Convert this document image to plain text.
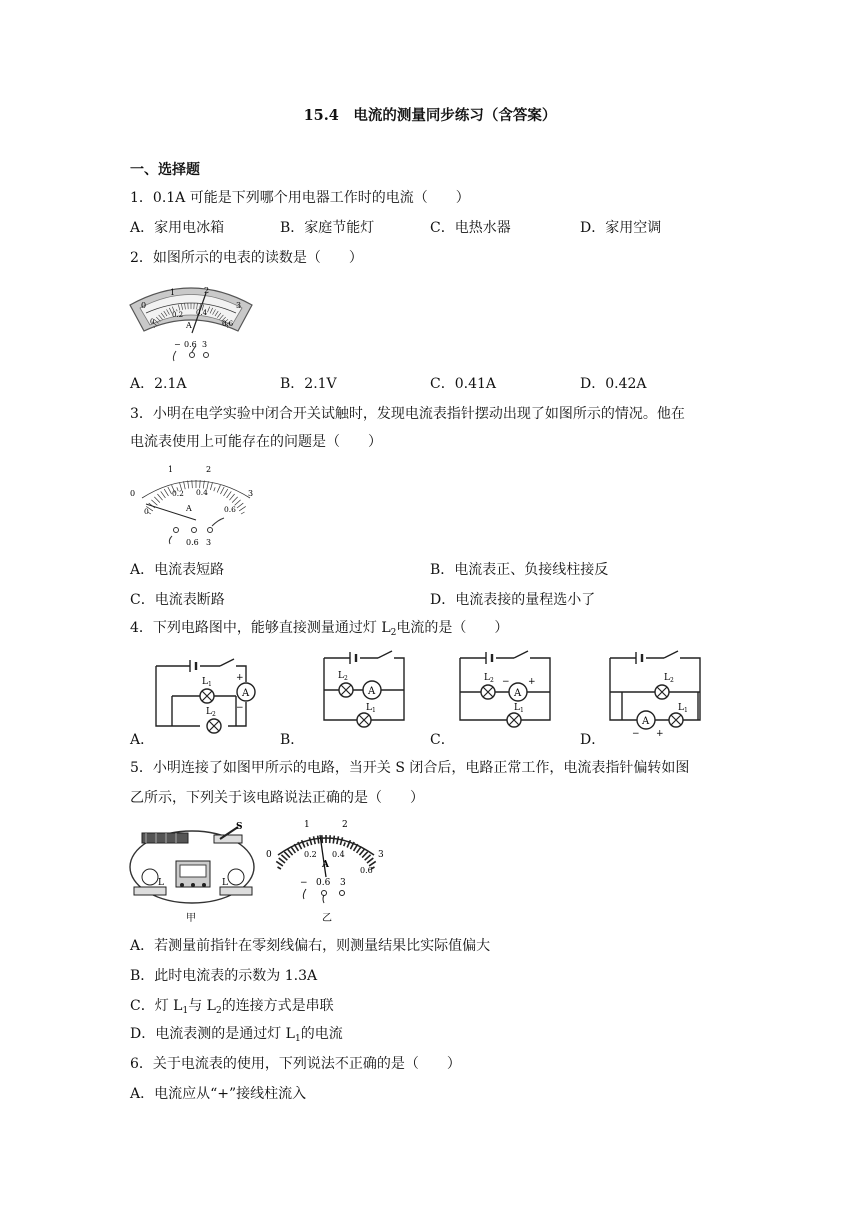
15.4　电流的测量同步练习（含答案）
一、选择题
1．0.1A 可能是下列哪个用电器工作时的电流（　　）
A．家用电冰箱	B．家庭节能灯	C．电热水器	D．家用空调
2．如图所示的电表的读数是（　　）
0
1	2
3
0
0.2 0.4
0.6
A
− 0.6 3
A．2.1A	B．2.1V	C．0.41A	D．0.42A
3．小明在电学实验中闭合开关试触时，发现电流表指针摆动出现了如图所示的情况。他在
电流表使用上可能存在的问题是（　　）
0
1	2
3
0
0.2 0.4
0.6
A
0.6 3
A．电流表短路	B．电流表正、负接线柱接反
C．电流表断路	D．电流表接的量程选小了
4．下列电路图中，能够直接测量通过灯 $L_2$电流的是（　　）
A．
A
+
−
L 1
L 2
B．
L 2
A
L 1
C．
L 2
A
− +
L 1
D．
L 2
A
− +
L 1
5．小明连接了如图甲所示的电路，当开关 S 闭合后，电路正常工作，电流表指针偏转如图
乙所示，下列关于该电路说法正确的是（　　）
S
L	L
甲
0
1	2
3
0.2 0.4
0.6
A
− 0.6 3
乙
A．若测量前指针在零刻线偏右，则测量结果比实际值偏大
B．此时电流表的示数为 1.3A
C．灯 $L_1$与 $L_2$的连接方式是串联
D．电流表测的是通过灯 $L_1$的电流
6．关于电流表的使用，下列说法不正确的是（　　）
A．电流应从“+”接线柱流入
